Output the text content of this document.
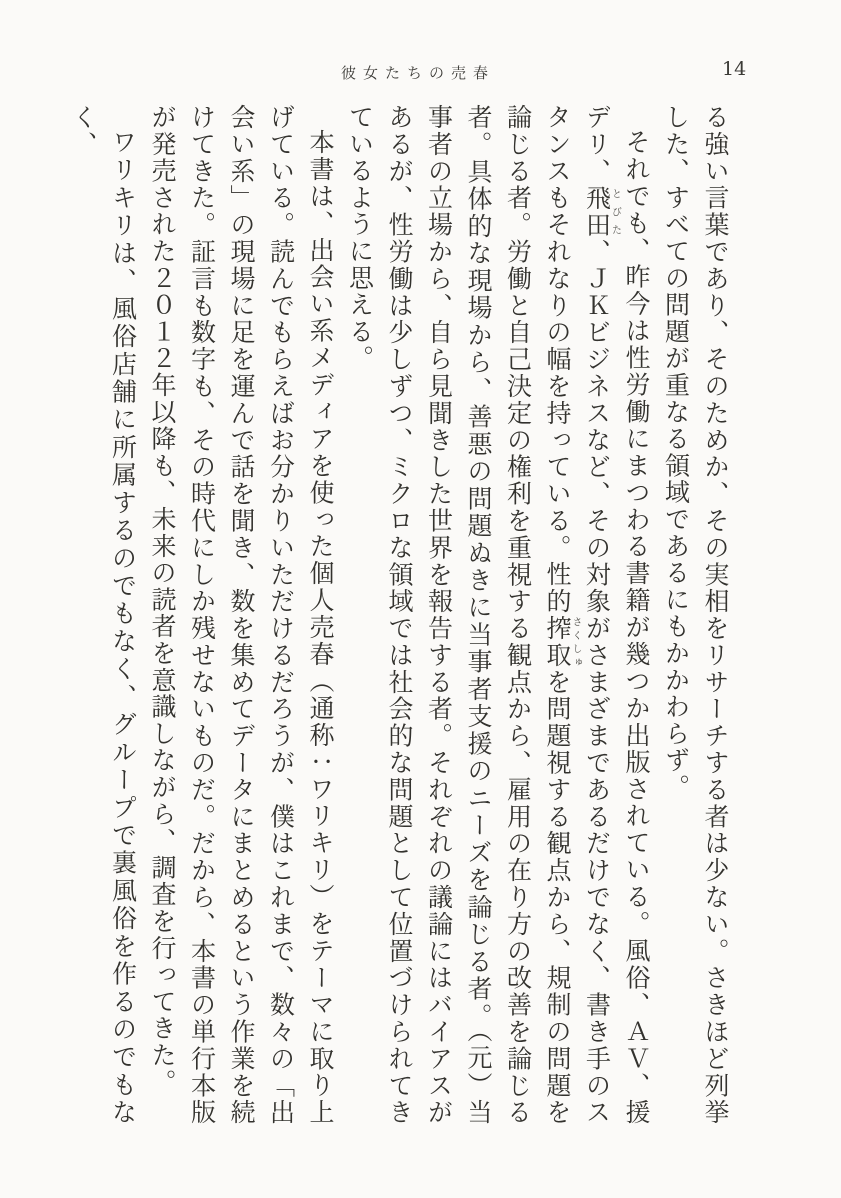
彼女たちの売春	14

る強い言葉であり、そのためか、その実相をリサーチする者は少ない。さきほど列挙した、すべての問題が重なる領域であるにもかかわらず。

それでも、昨今は性労働にまつわる書籍が幾つか出版されている。風俗、ＡＶ、援デリ、飛田とびた、ＪＫビジネスなど、その対象がさまざまであるだけでなく、書き手のスタンスもそれなりの幅を持っている。性的搾取さくしゅを問題視する観点から、規制の問題を論じる者。労働と自己決定の権利を重視する観点から、雇用の在り方の改善を論じる者。具体的な現場から、善悪の問題ぬきに当事者支援のニーズを論じる者。（元）当事者の立場から、自ら見聞きした世界を報告する者。それぞれの議論にはバイアスがあるが、性労働は少しずつ、ミクロな領域では社会的な問題として位置づけられてきているように思える。

本書は、出会い系メディアを使った個人売春（通称：ワリキリ）をテーマに取り上げている。読んでもらえばお分かりいただけるだろうが、僕はこれまで、数々の「出会い系」の現場に足を運んで話を聞き、数を集めてデータにまとめるという作業を続けてきた。証言も数字も、その時代にしか残せないものだ。だから、本書の単行本版が発売された２０１２年以降も、未来の読者を意識しながら、調査を行ってきた。

ワリキリは、風俗店舗に所属するのでもなく、グループで裏風俗を作るのでもなく、
